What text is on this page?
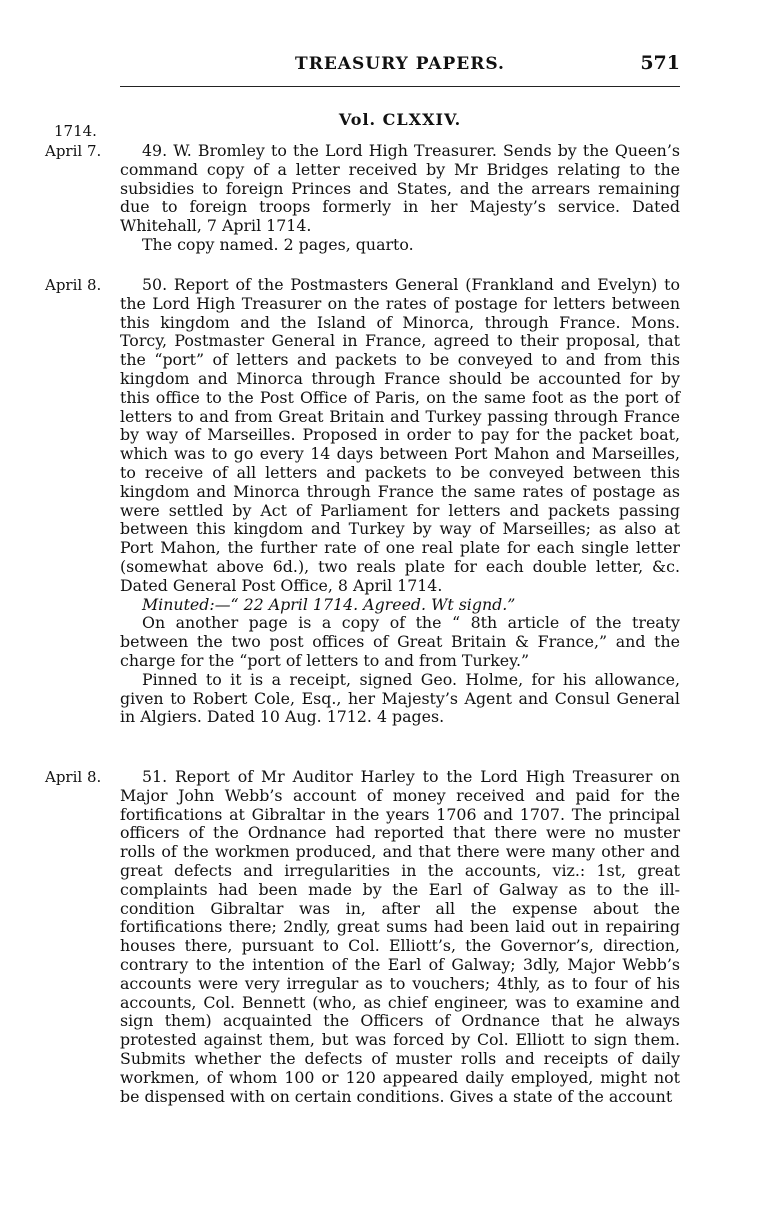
TREASURY PAPERS.	571
Vol. CLXXIV.
1714.
April 7.	49. W. Bromley to the Lord High Treasurer. Sends by the Queen’s command copy of a letter received by Mr Bridges relating to the subsidies to foreign Princes and States, and the arrears remaining due to foreign troops formerly in her Majesty’s service. Dated Whitehall, 7 April 1714.

The copy named. 2 pages, quarto.

April 8.	50. Report of the Postmasters General (Frankland and Evelyn) to the Lord High Treasurer on the rates of postage for letters between this kingdom and the Island of Minorca, through France. Mons. Torcy, Postmaster General in France, agreed to their proposal, that the “port” of letters and packets to be conveyed to and from this kingdom and Minorca through France should be accounted for by this office to the Post Office of Paris, on the same foot as the port of letters to and from Great Britain and Turkey passing through France by way of Marseilles. Proposed in order to pay for the packet boat, which was to go every 14 days between Port Mahon and Marseilles, to receive of all letters and packets to be conveyed between this kingdom and Minorca through France the same rates of postage as were settled by Act of Parliament for letters and packets passing between this kingdom and Turkey by way of Marseilles; as also at Port Mahon, the further rate of one real plate for each single letter (somewhat above 6d.), two reals plate for each double letter, &c. Dated General Post Office, 8 April 1714.

Minuted:—“ 22 April 1714. Agreed. Wt signd.”

On another page is a copy of the “ 8th article of the treaty between the two post offices of Great Britain & France,” and the charge for the “port of letters to and from Turkey.”

Pinned to it is a receipt, signed Geo. Holme, for his allowance, given to Robert Cole, Esq., her Majesty’s Agent and Consul General in Algiers. Dated 10 Aug. 1712. 4 pages.

April 8.	51. Report of Mr Auditor Harley to the Lord High Treasurer on Major John Webb’s account of money received and paid for the fortifications at Gibraltar in the years 1706 and 1707. The principal officers of the Ordnance had reported that there were no muster rolls of the workmen produced, and that there were many other and great defects and irregularities in the accounts, viz.: 1st, great complaints had been made by the Earl of Galway as to the ill-condition Gibraltar was in, after all the expense about the fortifications there; 2ndly, great sums had been laid out in repairing houses there, pursuant to Col. Elliott’s, the Governor’s, direction, contrary to the intention of the Earl of Galway; 3dly, Major Webb’s accounts were very irregular as to vouchers; 4thly, as to four of his accounts, Col. Bennett (who, as chief engineer, was to examine and sign them) acquainted the Officers of Ordnance that he always protested against them, but was forced by Col. Elliott to sign them. Submits whether the defects of muster rolls and receipts of daily workmen, of whom 100 or 120 appeared daily employed, might not be dispensed with on certain conditions. Gives a state of the account
